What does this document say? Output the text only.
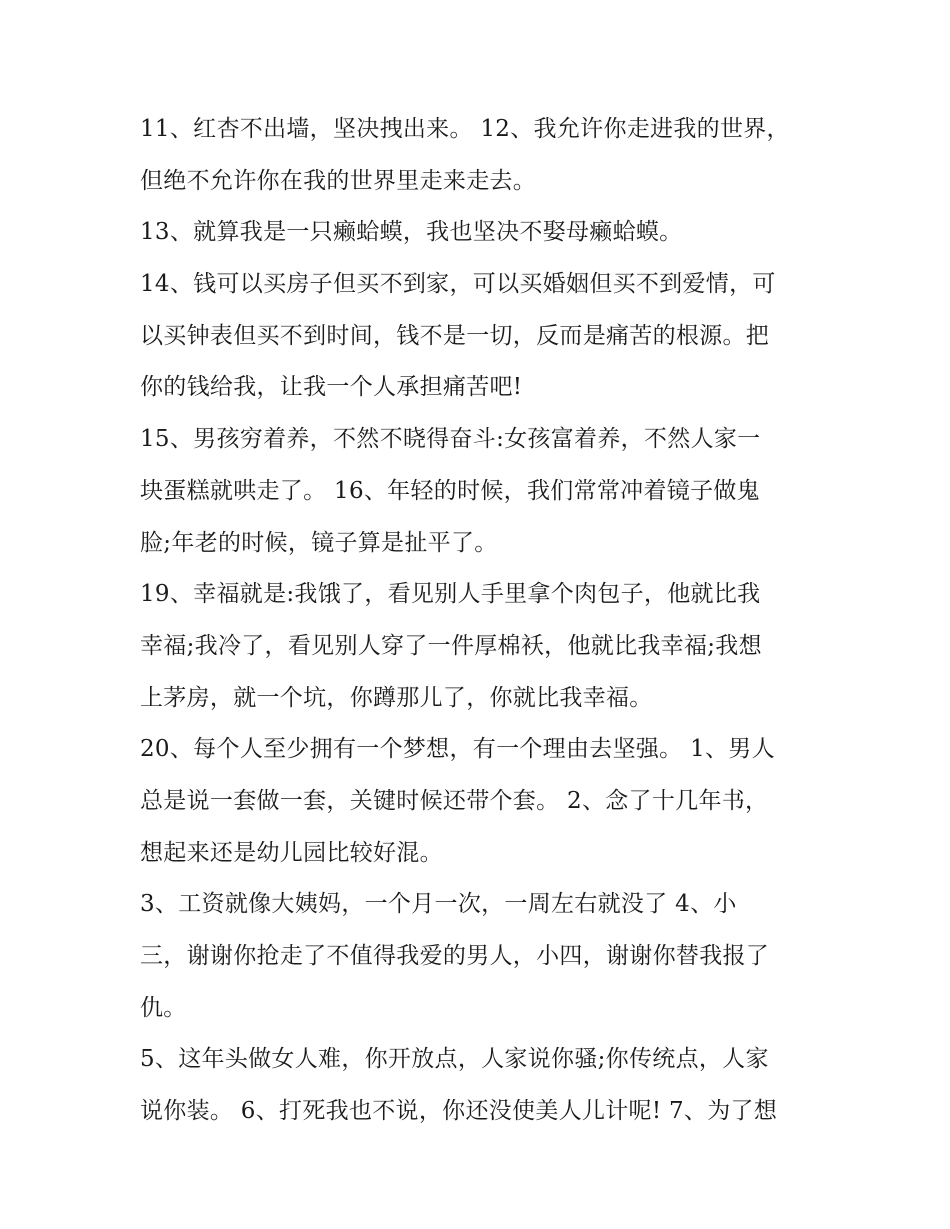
11、红杏不出墙，坚决拽出来。 12、我允许你走进我的世界，
但绝不允许你在我的世界里走来走去。
13、就算我是一只癞蛤蟆，我也坚决不娶母癞蛤蟆。
14、钱可以买房子但买不到家，可以买婚姻但买不到爱情，可
以买钟表但买不到时间，钱不是一切，反而是痛苦的根源。把
你的钱给我，让我一个人承担痛苦吧!
15、男孩穷着养，不然不晓得奋斗:女孩富着养，不然人家一
块蛋糕就哄走了。 16、年轻的时候，我们常常冲着镜子做鬼
脸;年老的时候，镜子算是扯平了。
19、幸福就是:我饿了，看见别人手里拿个肉包子，他就比我
幸福;我冷了，看见别人穿了一件厚棉袄，他就比我幸福;我想
上茅房，就一个坑，你蹲那儿了，你就比我幸福。
20、每个人至少拥有一个梦想，有一个理由去坚强。 1、男人
总是说一套做一套，关键时候还带个套。 2、念了十几年书，
想起来还是幼儿园比较好混。
3、工资就像大姨妈，一个月一次，一周左右就没了 4、小
三，谢谢你抢走了不值得我爱的男人，小四，谢谢你替我报了
仇。
5、这年头做女人难，你开放点，人家说你骚;你传统点，人家
说你装。 6、打死我也不说，你还没使美人儿计呢! 7、为了想
